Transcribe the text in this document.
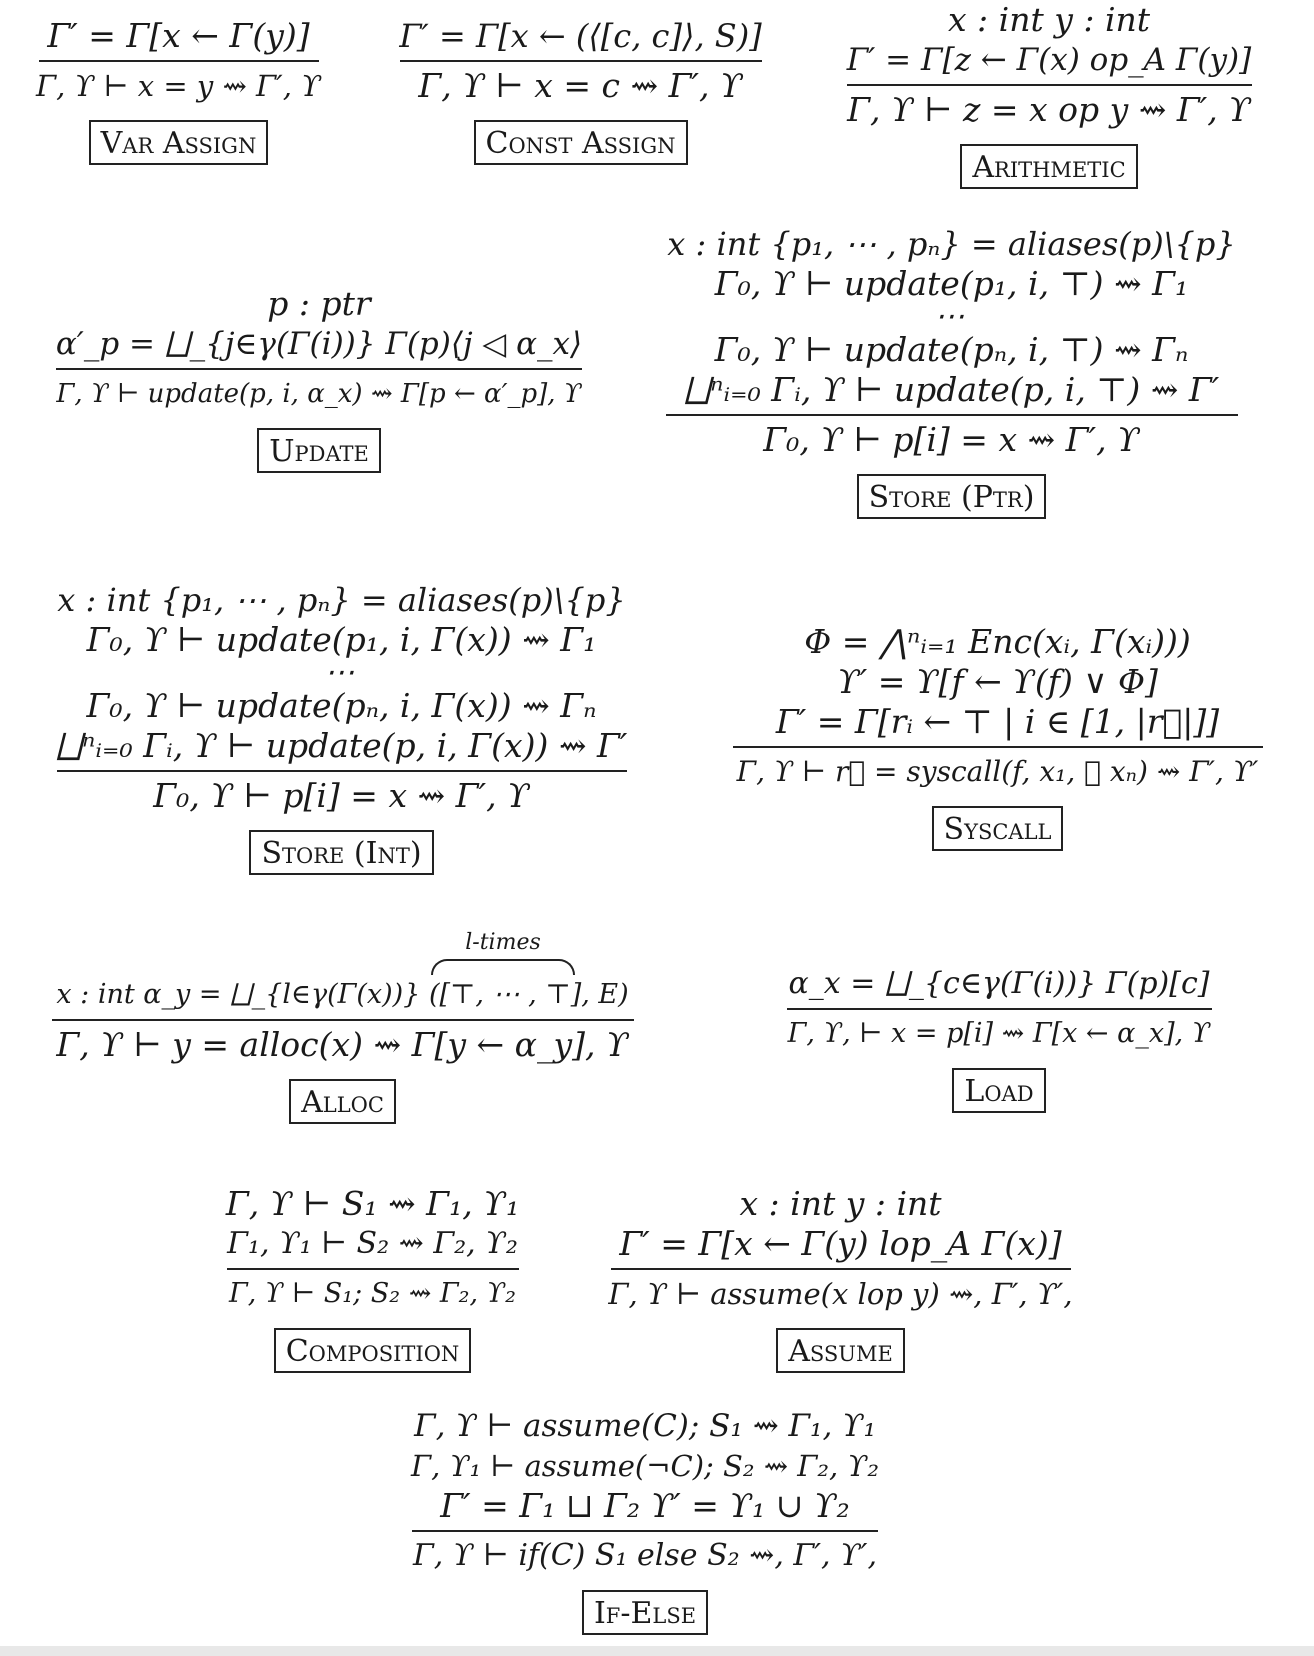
Γ′ = Γ[x ← Γ(y)]
Γ, ϒ ⊢ x = y ⇝ Γ′, ϒ
Var Assign
Γ′ = Γ[x ← (⟨[c, c]⟩, S)]
Γ, ϒ ⊢ x = c ⇝ Γ′, ϒ
Const Assign
x : int y : int
Γ′ = Γ[z ← Γ(x) op_A Γ(y)]
Γ, ϒ ⊢ z = x op y ⇝ Γ′, ϒ
Arithmetic
p : ptr
α′_p = ⨆_{j∈γ(Γ(i))} Γ(p)⟨j ◁ α_x⟩
Γ, ϒ ⊢ update(p, i, α_x) ⇝ Γ[p ← α′_p], ϒ
Update
x : int {p₁, ⋯ , pₙ} = aliases(p)\{p}
Γ₀, ϒ ⊢ update(p₁, i, ⊤) ⇝ Γ₁
⋯
Γ₀, ϒ ⊢ update(pₙ, i, ⊤) ⇝ Γₙ
⨆ⁿᵢ₌₀ Γᵢ, ϒ ⊢ update(p, i, ⊤) ⇝ Γ′
Γ₀, ϒ ⊢ p[i] = x ⇝ Γ′, ϒ
Store (Ptr)
x : int {p₁, ⋯ , pₙ} = aliases(p)\{p}
Γ₀, ϒ ⊢ update(p₁, i, Γ(x)) ⇝ Γ₁
⋯
Γ₀, ϒ ⊢ update(pₙ, i, Γ(x)) ⇝ Γₙ
⨆ⁿᵢ₌₀ Γᵢ, ϒ ⊢ update(p, i, Γ(x)) ⇝ Γ′
Γ₀, ϒ ⊢ p[i] = x ⇝ Γ′, ϒ
Store (Int)
Φ = ⋀ⁿᵢ₌₁ Enc(xᵢ, Γ(xᵢ)))
ϒ′ = ϒ[f ← ϒ(f) ∨ Φ]
Γ′ = Γ[rᵢ ← ⊤ | i ∈ [1, |r⃗|]]
Γ, ϒ ⊢ r⃗ = syscall(f, x₁, ⋯ xₙ) ⇝ Γ′, ϒ′
Syscall
l-times
x : int α_y = ⨆_{l∈γ(Γ(x))} ([⊤, ⋯ , ⊤], E)
Γ, ϒ ⊢ y = alloc(x) ⇝ Γ[y ← α_y], ϒ
Alloc
α_x = ⨆_{c∈γ(Γ(i))} Γ(p)[c]
Γ, ϒ, ⊢ x = p[i] ⇝ Γ[x ← α_x], ϒ
Load
Γ, ϒ ⊢ S₁ ⇝ Γ₁, ϒ₁
Γ₁, ϒ₁ ⊢ S₂ ⇝ Γ₂, ϒ₂
Γ, ϒ ⊢ S₁; S₂ ⇝ Γ₂, ϒ₂
Composition
x : int y : int
Γ′ = Γ[x ← Γ(y) lop_A Γ(x)]
Γ, ϒ ⊢ assume(x lop y) ⇝, Γ′, ϒ′,
Assume
Γ, ϒ ⊢ assume(C); S₁ ⇝ Γ₁, ϒ₁
Γ, ϒ₁ ⊢ assume(¬C); S₂ ⇝ Γ₂, ϒ₂
Γ′ = Γ₁ ⊔ Γ₂ ϒ′ = ϒ₁ ∪ ϒ₂
Γ, ϒ ⊢ if(C) S₁ else S₂ ⇝, Γ′, ϒ′,
If-Else
